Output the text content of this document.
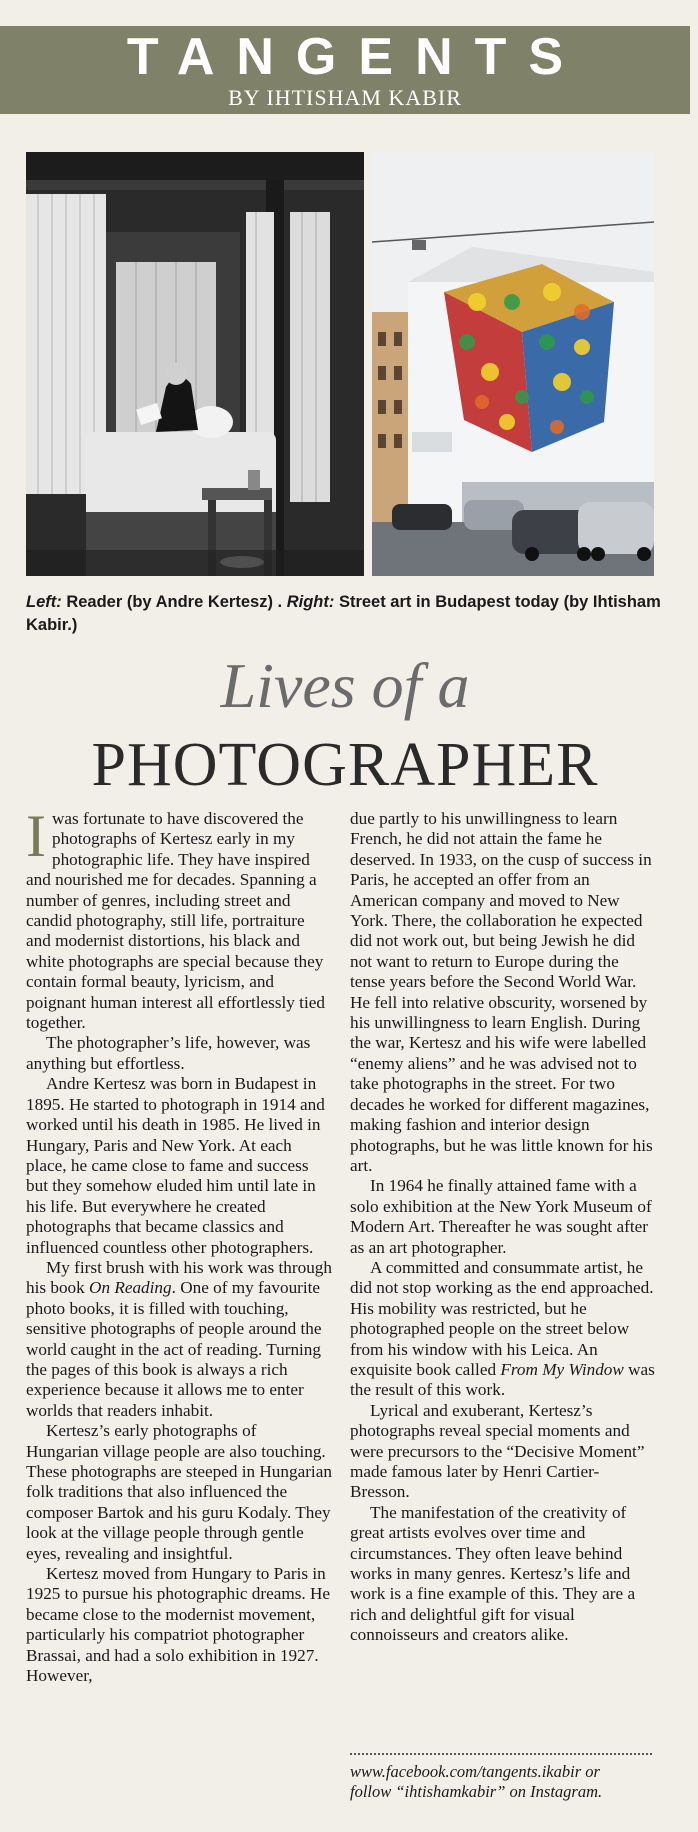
TANGENTS
BY IHTISHAM KABIR
Left: Reader (by Andre Kertesz) . Right: Street art in Budapest today (by Ihtisham Kabir.)
Lives of a
PHOTOGRAPHER

Iwas fortunate to have discovered the photographs of Kertesz early in my photographic life. They have inspired and nourished me for decades. Spanning a number of genres, including street and candid photography, still life, portraiture and modernist distortions, his black and white photographs are special because they contain formal beauty, lyricism, and poignant human interest all effortlessly tied together.

The photographer’s life, however, was anything but effortless.

Andre Kertesz was born in Budapest in 1895. He started to photograph in 1914 and worked until his death in 1985. He lived in Hungary, Paris and New York. At each place, he came close to fame and success but they somehow eluded him until late in his life. But everywhere he created photographs that became classics and influenced countless other photographers.

My first brush with his work was through his book On Reading. One of my favourite photo books, it is filled with touching, sensitive photographs of people around the world caught in the act of reading. Turning the pages of this book is always a rich experience because it allows me to enter worlds that readers inhabit.

Kertesz’s early photographs of Hungarian village people are also touching. These photographs are steeped in Hungarian folk traditions that also influenced the composer Bartok and his guru Kodaly. They look at the village people through gentle eyes, revealing and insightful.

Kertesz moved from Hungary to Paris in 1925 to pursue his photographic dreams. He became close to the modernist movement, particularly his compatriot photographer Brassai, and had a solo exhibition in 1927. However,

due partly to his unwillingness to learn French, he did not attain the fame he deserved. In 1933, on the cusp of success in Paris, he accepted an offer from an American company and moved to New York. There, the collaboration he expected did not work out, but being Jewish he did not want to return to Europe during the tense years before the Second World War. He fell into relative obscurity, worsened by his unwillingness to learn English. During the war, Kertesz and his wife were labelled “enemy aliens” and he was advised not to take photographs in the street. For two decades he worked for different magazines, making fashion and interior design photographs, but he was little known for his art.

In 1964 he finally attained fame with a solo exhibition at the New York Museum of Modern Art. Thereafter he was sought after as an art photographer.

A committed and consummate artist, he did not stop working as the end approached. His mobility was restricted, but he photographed people on the street below from his window with his Leica. An exquisite book called From My Window was the result of this work.

Lyrical and exuberant, Kertesz’s photographs reveal special moments and were precursors to the “Decisive Moment” made famous later by Henri Cartier-Bresson.

The manifestation of the creativity of great artists evolves over time and circumstances. They often leave behind works in many genres. Kertesz’s life and work is a fine example of this. They are a rich and delightful gift for visual connoisseurs and creators alike.

www.facebook.com/tangents.ikabir or
follow “ihtishamkabir” on Instagram.
